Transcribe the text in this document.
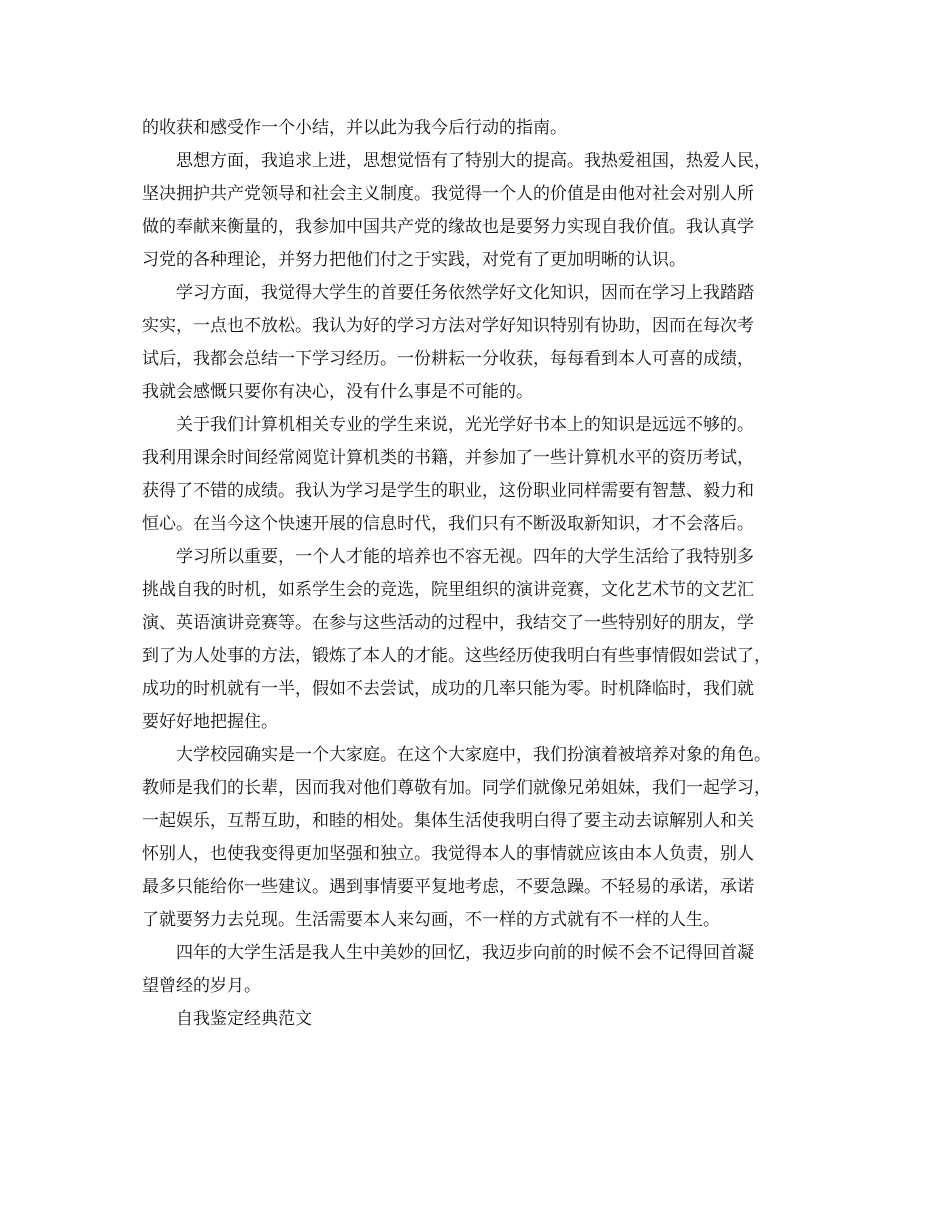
的收获和感受作一个小结，并以此为我今后行动的指南。
思想方面，我追求上进，思想觉悟有了特别大的提高。我热爱祖国，热爱人民，
坚决拥护共产党领导和社会主义制度。我觉得一个人的价值是由他对社会对别人所
做的奉献来衡量的，我参加中国共产党的缘故也是要努力实现自我价值。我认真学
习党的各种理论，并努力把他们付之于实践，对党有了更加明晰的认识。
学习方面，我觉得大学生的首要任务依然学好文化知识，因而在学习上我踏踏
实实，一点也不放松。我认为好的学习方法对学好知识特别有协助，因而在每次考
试后，我都会总结一下学习经历。一份耕耘一分收获，每每看到本人可喜的成绩，
我就会感慨只要你有决心，没有什么事是不可能的。
关于我们计算机相关专业的学生来说，光光学好书本上的知识是远远不够的。
我利用课余时间经常阅览计算机类的书籍，并参加了一些计算机水平的资历考试，
获得了不错的成绩。我认为学习是学生的职业，这份职业同样需要有智慧、毅力和
恒心。在当今这个快速开展的信息时代，我们只有不断汲取新知识，才不会落后。
学习所以重要，一个人才能的培养也不容无视。四年的大学生活给了我特别多
挑战自我的时机，如系学生会的竞选，院里组织的演讲竞赛，文化艺术节的文艺汇
演、英语演讲竞赛等。在参与这些活动的过程中，我结交了一些特别好的朋友，学
到了为人处事的方法，锻炼了本人的才能。这些经历使我明白有些事情假如尝试了，
成功的时机就有一半，假如不去尝试，成功的几率只能为零。时机降临时，我们就
要好好地把握住。
大学校园确实是一个大家庭。在这个大家庭中，我们扮演着被培养对象的角色。
教师是我们的长辈，因而我对他们尊敬有加。同学们就像兄弟姐妹，我们一起学习，
一起娱乐，互帮互助，和睦的相处。集体生活使我明白得了要主动去谅解别人和关
怀别人，也使我变得更加坚强和独立。我觉得本人的事情就应该由本人负责，别人
最多只能给你一些建议。遇到事情要平复地考虑，不要急躁。不轻易的承诺，承诺
了就要努力去兑现。生活需要本人来勾画，不一样的方式就有不一样的人生。
四年的大学生活是我人生中美妙的回忆，我迈步向前的时候不会不记得回首凝
望曾经的岁月。
自我鉴定经典范文
